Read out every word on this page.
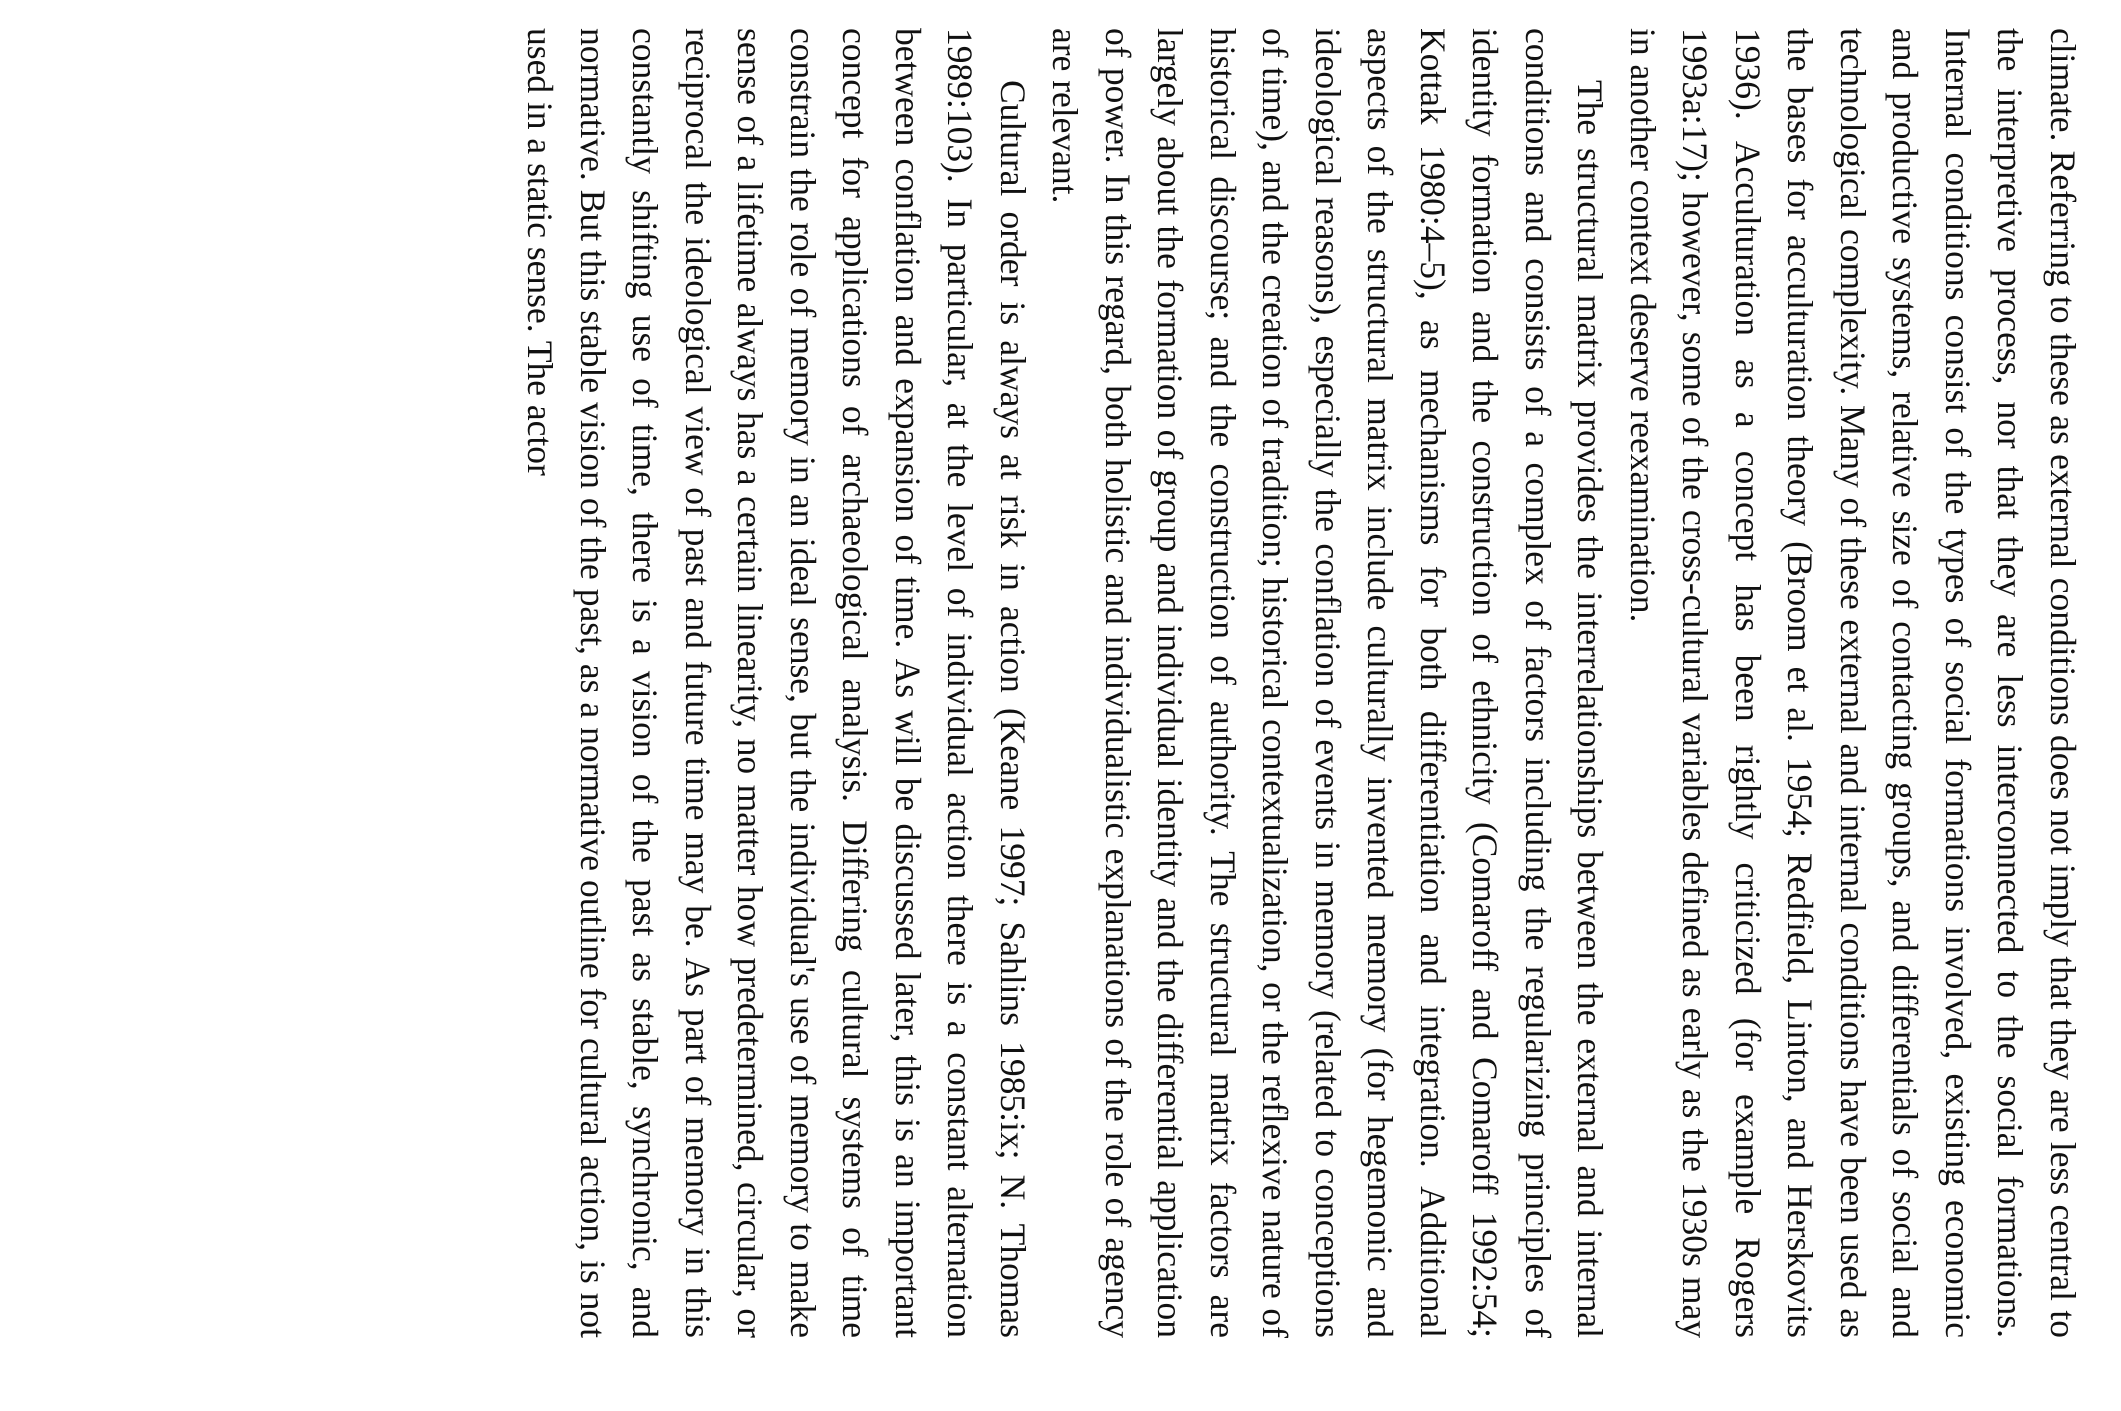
climate. Referring to these as external conditions does not imply that they are less central to the interpretive process, nor that they are less interconnected to the social formations. Internal conditions consist of the types of social formations involved, existing economic and productive systems, relative size of contacting groups, and differentials of social and technological complexity. Many of these external and internal conditions have been used as the bases for acculturation theory (Broom et al. 1954; Redfield, Linton, and Herskovits 1936). Acculturation as a concept has been rightly criticized (for example Rogers 1993a:17); however, some of the cross-cultural variables defined as early as the 1930s may in another context deserve reexamination.

The structural matrix provides the interrelationships between the external and internal conditions and consists of a complex of factors including the regularizing principles of identity formation and the construction of ethnicity (Comaroff and Comaroff 1992:54; Kottak 1980:4–5), as mechanisms for both differentiation and integration. Additional aspects of the structural matrix include culturally invented memory (for hegemonic and ideological reasons), especially the conflation of events in memory (related to conceptions of time), and the creation of tradition; historical contextualization, or the reflexive nature of historical discourse; and the construction of authority. The structural matrix factors are largely about the formation of group and individual identity and the differential application of power. In this regard, both holistic and individualistic explanations of the role of agency are relevant.

Cultural order is always at risk in action (Keane 1997; Sahlins 1985:ix; N. Thomas 1989:103). In particular, at the level of individual action there is a constant alternation between conflation and expansion of time. As will be discussed later, this is an important concept for applications of archaeological analysis. Differing cultural systems of time constrain the role of memory in an ideal sense, but the individual's use of memory to make sense of a lifetime always has a certain linearity, no matter how predetermined, circular, or reciprocal the ideological view of past and future time may be. As part of memory in this constantly shifting use of time, there is a vision of the past as stable, synchronic, and normative. But this stable vision of the past, as a normative outline for cultural action, is not used in a static sense. The actor
